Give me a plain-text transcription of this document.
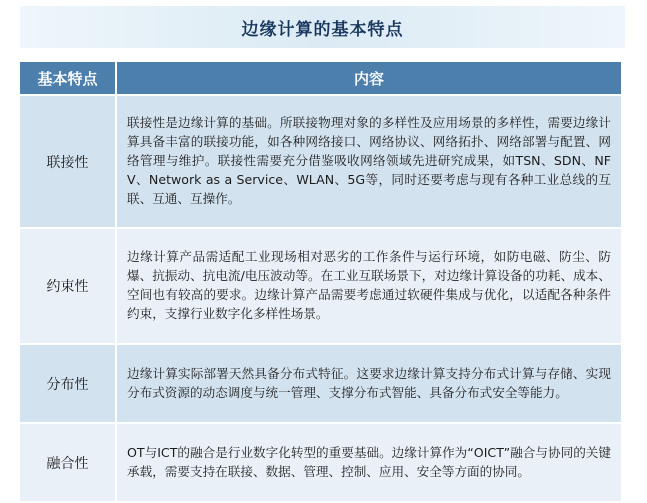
边缘计算的基本特点
基本特点	内容
联接性	联接性是边缘计算的基础。所联接物理对象的多样性及应用场景的多样性，需要边缘计算具备丰富的联接功能，如各种网络接口、网络协议、网络拓扑、网络部署与配置、网络管理与维护。联接性需要充分借鉴吸收网络领域先进研究成果，如TSN、SDN、NFV、Network as a Service、WLAN、5G等，同时还要考虑与现有各种工业总线的互联、互通、互操作。
约束性	边缘计算产品需适配工业现场相对恶劣的工作条件与运行环境，如防电磁、防尘、防爆、抗振动、抗电流/电压波动等。在工业互联场景下，对边缘计算设备的功耗、成本、空间也有较高的要求。边缘计算产品需要考虑通过软硬件集成与优化，以适配各种条件约束，支撑行业数字化多样性场景。
分布性	边缘计算实际部署天然具备分布式特征。这要求边缘计算支持分布式计算与存储、实现分布式资源的动态调度与统一管理、支撑分布式智能、具备分布式安全等能力。
融合性	OT与ICT的融合是行业数字化转型的重要基础。边缘计算作为“OICT”融合与协同的关键承载，需要支持在联接、数据、管理、控制、应用、安全等方面的协同。
